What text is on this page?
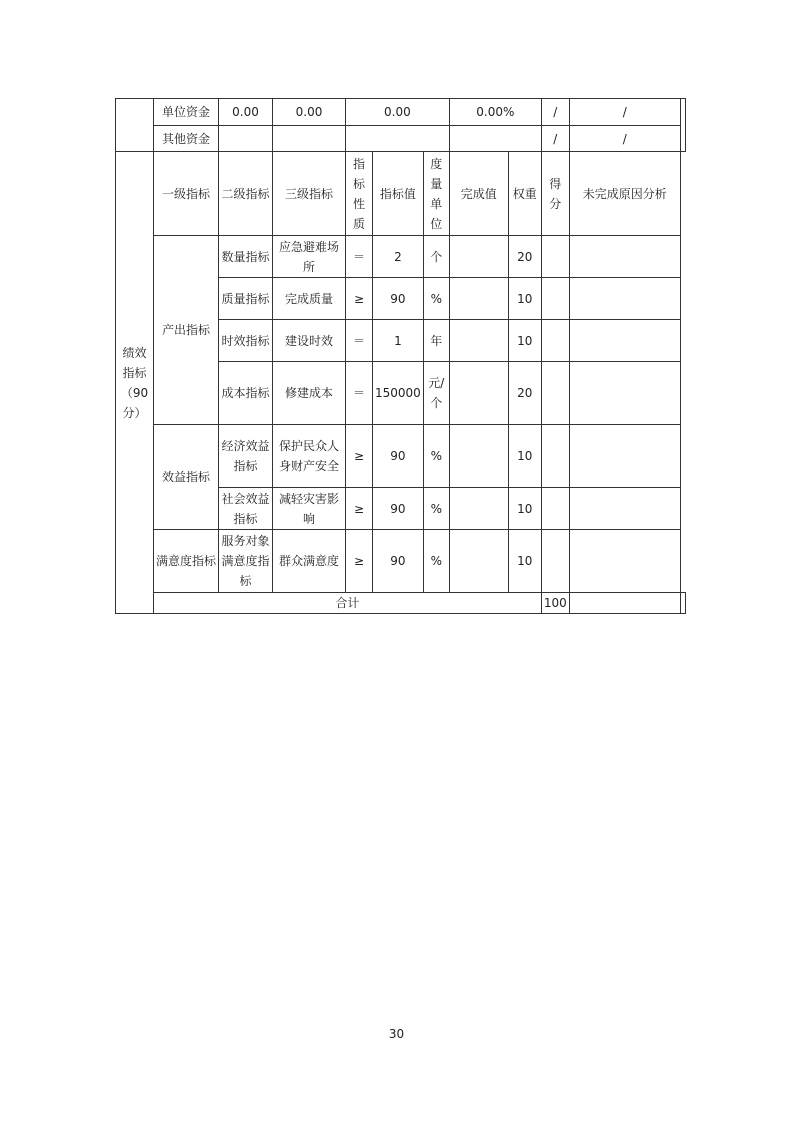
	单位资金	0.00	0.00	0.00			0.00%		/	/	
	其他资金								/	/	
绩效指标（90分）	一级指标	二级指标	三级指标	指标性质	指标值	度量单位	完成值	权重	得分	未完成原因分析	
	产出指标	数量指标	应急避难场所	＝	2	个		20			
		质量指标	完成质量	≥	90	%		10			
		时效指标	建设时效	＝	1	年		10			
		成本指标	修建成本	＝	150000	元/个		20			
	效益指标	经济效益指标	保护民众人身财产安全	≥	90	%		10			
		社会效益指标	减轻灾害影响	≥	90	%		10			
	满意度指标	服务对象满意度指标	群众满意度	≥	90	%		10			
	合计								100		
30
